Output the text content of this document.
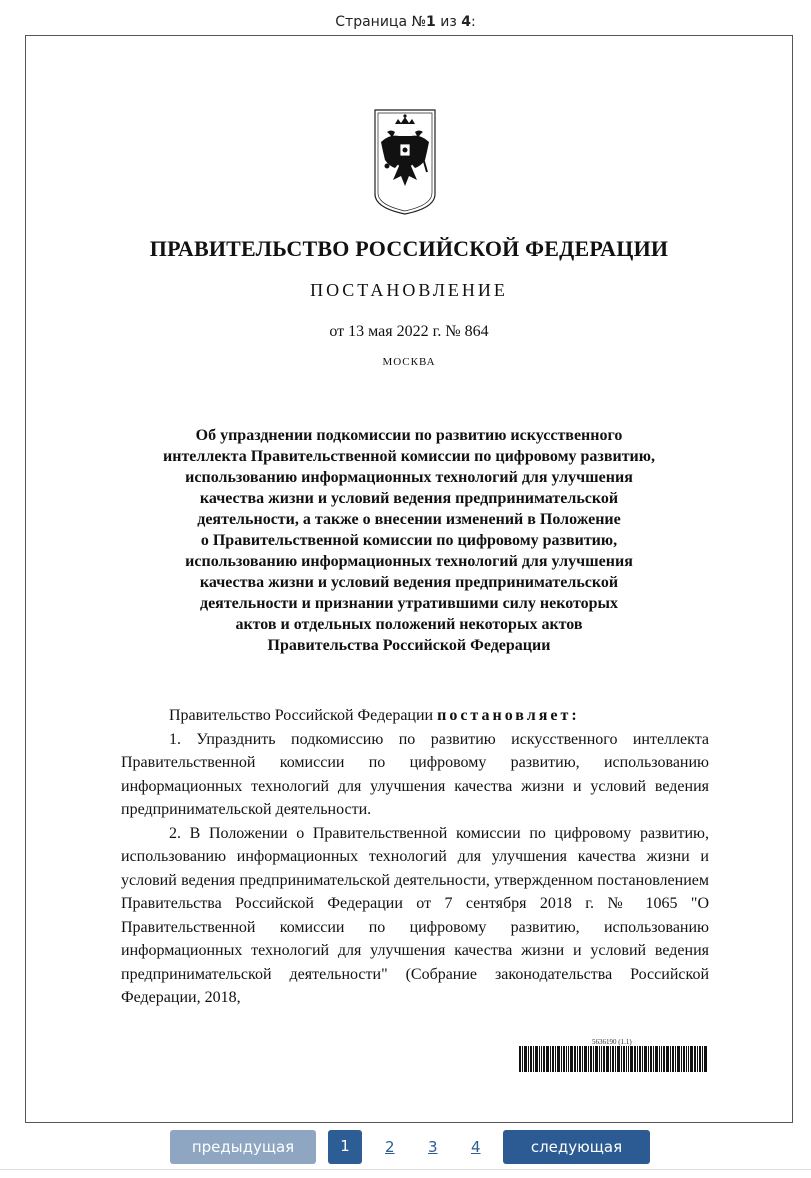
Страница №1 из 4:
ПРАВИТЕЛЬСТВО РОССИЙСКОЙ ФЕДЕРАЦИИ
ПОСТАНОВЛЕНИЕ
от 13 мая 2022 г. № 864
МОСКВА
Об упразднении подкомиссии по развитию искусственного
интеллекта Правительственной комиссии по цифровому развитию,
использованию информационных технологий для улучшения
качества жизни и условий ведения предпринимательской
деятельности, а также о внесении изменений в Положение
о Правительственной комиссии по цифровому развитию,
использованию информационных технологий для улучшения
качества жизни и условий ведения предпринимательской
деятельности и признании утратившими силу некоторых
актов и отдельных положений некоторых актов
Правительства Российской Федерации

Правительство Российской Федерации постановляет:

1. Упразднить подкомиссию по развитию искусственного интеллекта Правительственной комиссии по цифровому развитию, использованию информационных технологий для улучшения качества жизни и условий ведения предпринимательской деятельности.

2. В Положении о Правительственной комиссии по цифровому развитию, использованию информационных технологий для улучшения качества жизни и условий ведения предпринимательской деятельности, утвержденном постановлением Правительства Российской Федерации от 7 сентября 2018 г. № 1065 "О Правительственной комиссии по цифровому развитию, использованию информационных технологий для улучшения качества жизни и условий ведения предпринимательской деятельности" (Собрание законодательства Российской Федерации, 2018,

5636190 (1.1)
предыдущая	1	2 3 4	следующая
